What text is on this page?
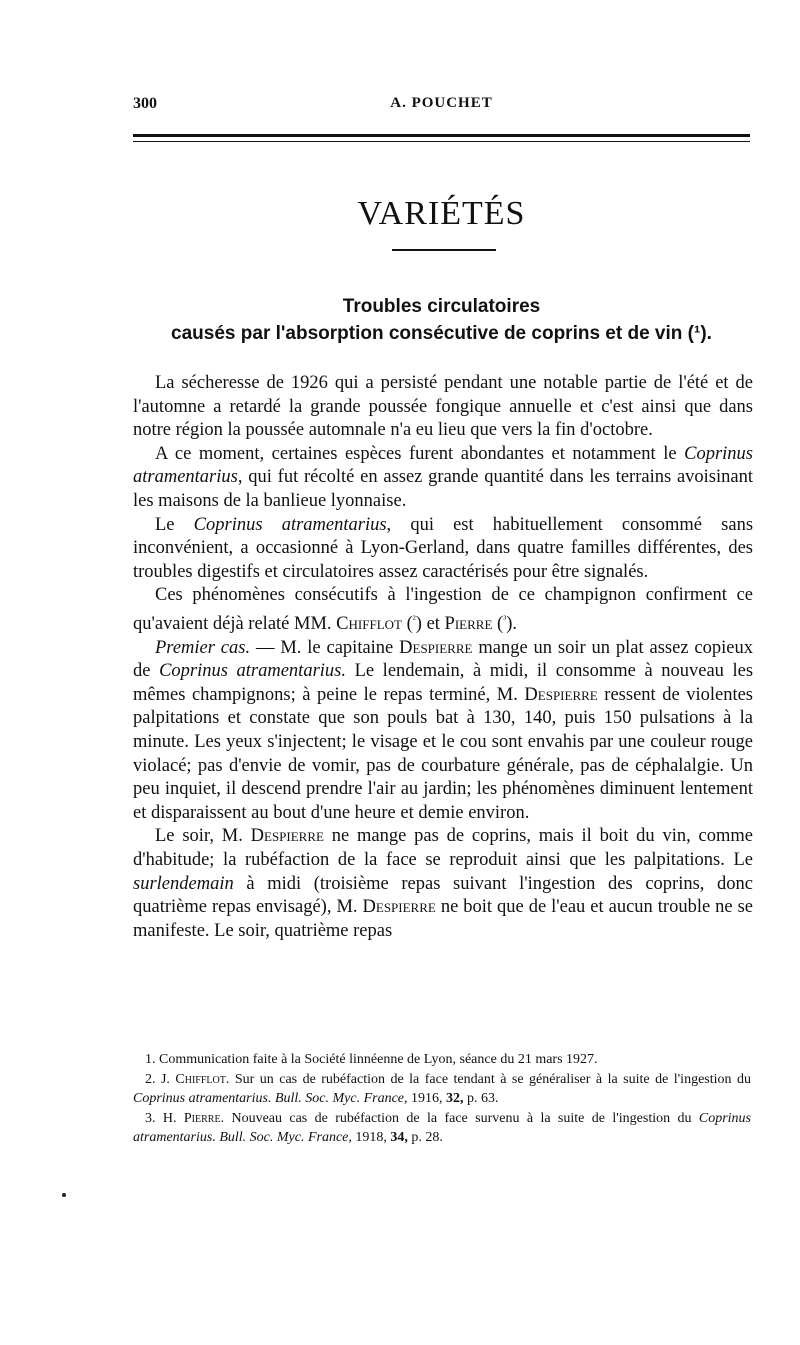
300	A. POUCHET
VARIÉTÉS
Troubles circulatoires
causés par l'absorption consécutive de coprins et de vin (¹).

La sécheresse de 1926 qui a persisté pendant une notable partie de l'été et de l'automne a retardé la grande poussée fongique annuelle et c'est ainsi que dans notre région la poussée automnale n'a eu lieu que vers la fin d'octobre.

A ce moment, certaines espèces furent abondantes et notamment le Coprinus atramentarius, qui fut récolté en assez grande quantité dans les terrains avoisinant les maisons de la banlieue lyonnaise.

Le Coprinus atramentarius, qui est habituellement consommé sans inconvénient, a occasionné à Lyon-Gerland, dans quatre familles différentes, des troubles digestifs et circulatoires assez caractérisés pour être signalés.

Ces phénomènes consécutifs à l'ingestion de ce champignon confirment ce qu'avaient déjà relaté MM. Chifflot ($^{^2}$) et Pierre ($^{^3}$).

Premier cas. — M. le capitaine Despierre mange un soir un plat assez copieux de Coprinus atramentarius. Le lendemain, à midi, il consomme à nouveau les mêmes champignons; à peine le repas terminé, M. Despierre ressent de violentes palpitations et constate que son pouls bat à 130, 140, puis 150 pulsations à la minute. Les yeux s'injectent; le visage et le cou sont envahis par une couleur rouge violacé; pas d'envie de vomir, pas de courbature générale, pas de céphalalgie. Un peu inquiet, il descend prendre l'air au jardin; les phénomènes diminuent lentement et disparaissent au bout d'une heure et demie environ.

Le soir, M. Despierre ne mange pas de coprins, mais il boit du vin, comme d'habitude; la rubéfaction de la face se reproduit ainsi que les palpitations. Le surlendemain à midi (troisième repas suivant l'ingestion des coprins, donc quatrième repas envisagé), M. Despierre ne boit que de l'eau et aucun trouble ne se manifeste. Le soir, quatrième repas

1. Communication faite à la Société linnéenne de Lyon, séance du 21 mars 1927.

2. J. Chifflot. Sur un cas de rubéfaction de la face tendant à se généraliser à la suite de l'ingestion du Coprinus atramentarius. Bull. Soc. Myc. France, 1916, 32, p. 63.

3. H. Pierre. Nouveau cas de rubéfaction de la face survenu à la suite de l'ingestion du Coprinus atramentarius. Bull. Soc. Myc. France, 1918, 34, p. 28.
